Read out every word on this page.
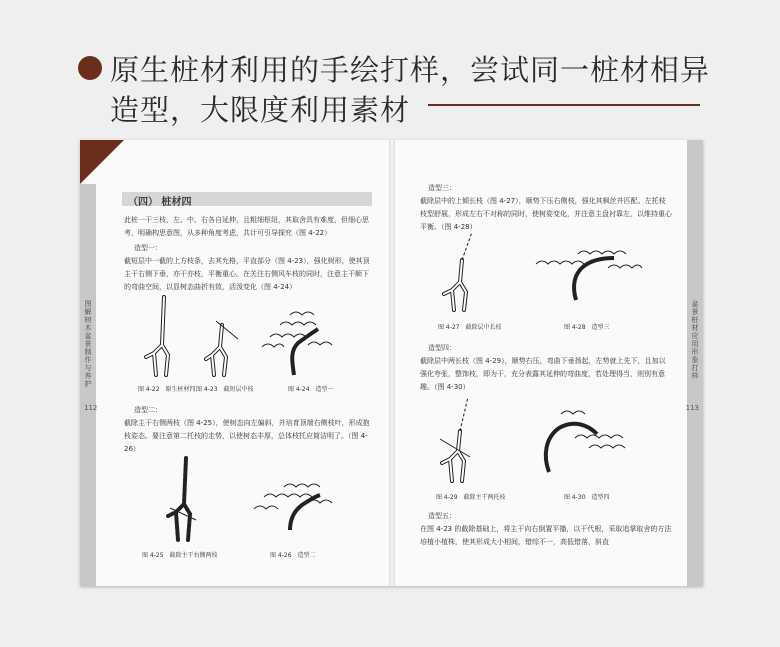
原生桩材利用的手绘打样，尝试同一桩材相异
造型，大限度利用素材
图解树木盆景制作与养护
112
（四） 桩材四
此桩一干三枝，左、中、右各自延伸，且粗细枢纽，其取舍具有难度，但细心思考，明确构思意图，从多种角度考虑，共计可引导探究（图 4-22）
造型一：
截短层中一截的上方枝条，去其允格，平直部分（图 4-23），强化树形，使其顶主干右侧下垂，亦干亦枝，平衡重心。在关注右侧风车枝的同时，注意主干顺下的弯曲空间，以显树态曲折有致，活泼变化（图 4-24）
图 4-22　原生桩材四 图 4-23　截短层中枝	图 4-24　造型一
造型二：
截除主干右侧两枝（图 4-25），使树态向左偏斜，并培育顶端右侧枝叶，形成抱枝姿态。要注意第二托枝的走势，以使树态丰厚，总体枝托应简洁明了。（图 4-26）
图 4-25　截除主干右侧两枝	图 4-26　造型二
盆景桩材应用形象打样
113
造型三：
截除层中的上倾长枝（图 4-27），顺势下压右侧枝，强化其枫丝并匹配。左托枝枝型舒展，形成左右不对称的同时，使树姿变化，并注意主盘衬靠左，以维持重心平衡。（图 4-28）
图 4-27　截除层中长枝	图 4-28　造型三
造型四：
截除层中两长枝（图 4-29），顺势右压，弯曲下垂扬起，左势就上先下，且加以强化夸张，整饰枝，即为干，充分表露其延伸的弯曲度，若处理得当，则别有意趣。（图 4-30）
图 4-29　截除主干两托枝	图 4-30　造型四
造型五：
在图 4-23 的截除基础上，将主干向右倒置平播，以干代根，采取追掌取舍的方法培植小植株，使其形成大小相间，错综不一，高低错落，斜直
